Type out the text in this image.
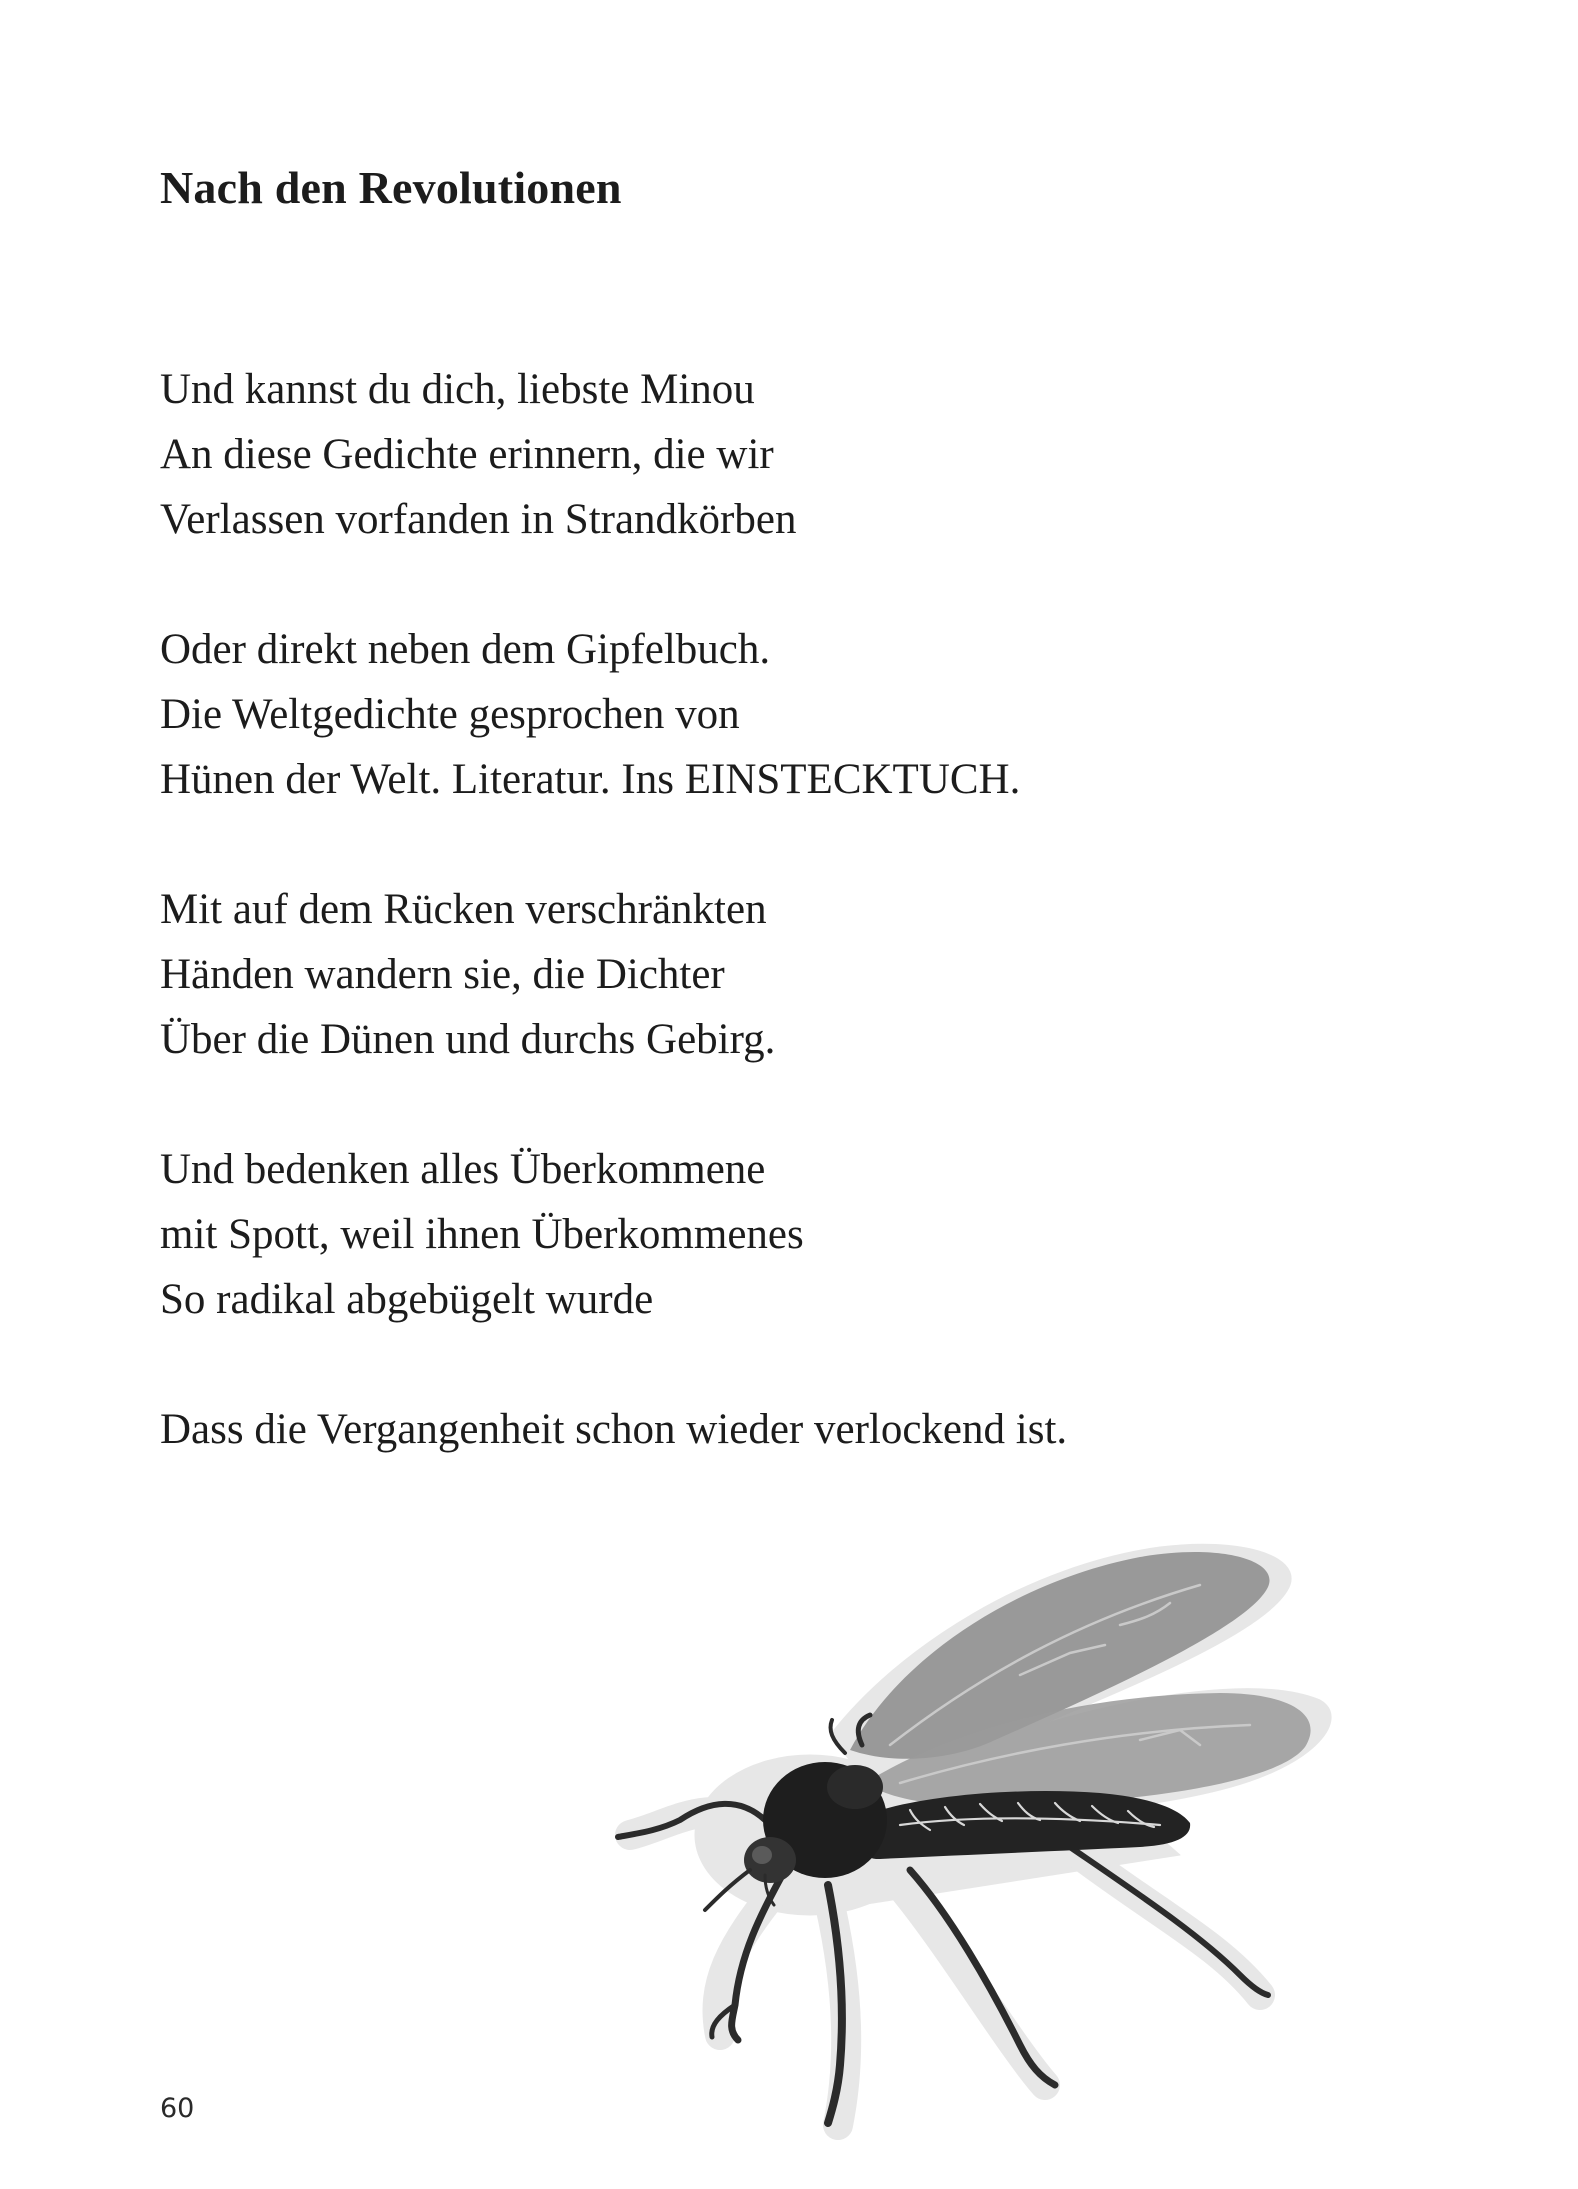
Nach den Revolutionen

Und kannst du dich, liebste Minou
An diese Gedichte erinnern, die wir
Verlassen vorfanden in Strandkörben

Oder direkt neben dem Gipfelbuch.
Die Weltgedichte gesprochen von
Hünen der Welt. Literatur. Ins EINSTECKTUCH.

Mit auf dem Rücken verschränkten
Händen wandern sie, die Dichter
Über die Dünen und durchs Gebirg.

Und bedenken alles Überkommene
mit Spott, weil ihnen Überkommenes
So radikal abgebügelt wurde

Dass die Vergangenheit schon wieder verlockend ist.

60
